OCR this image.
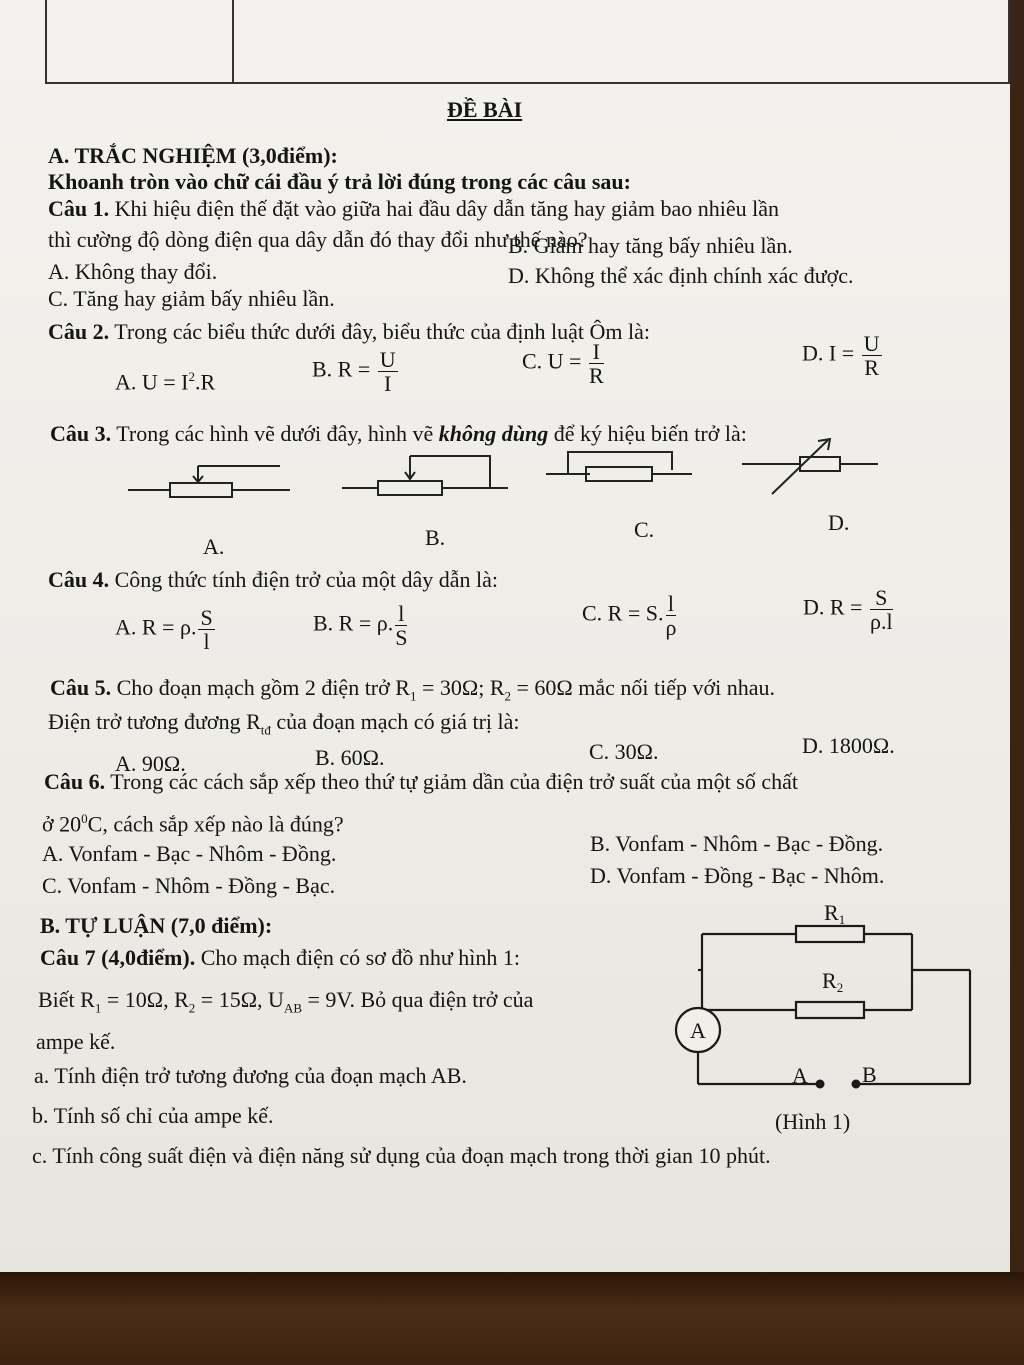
ĐỀ BÀI
A. TRẮC NGHIỆM (3,0điểm):
Khoanh tròn vào chữ cái đầu ý trả lời đúng trong các câu sau:
Câu 1. Khi hiệu điện thế đặt vào giữa hai đầu dây dẫn tăng hay giảm bao nhiêu lần
thì cường độ dòng điện qua dây dẫn đó thay đổi như thế nào?
A. Không thay đổi.
B. Giảm hay tăng bấy nhiêu lần.
C. Tăng hay giảm bấy nhiêu lần.
D. Không thể xác định chính xác được.
Câu 2. Trong các biểu thức dưới đây, biểu thức của định luật Ôm là:
A. $U = I^2.R$
B. $R = \frac{U}{I}$	C. $U = \frac{I}{R}$	D. $I = \frac{U}{R}$
Câu 3. Trong các hình vẽ dưới đây, hình vẽ không dùng để ký hiệu biến trở là:
A.	B.	C.	D.
Câu 4. Công thức tính điện trở của một dây dẫn là:
A. R = ρ. $\frac{S}{l}$	B. R = ρ. $\frac{l}{S}$	C. R = S. $\frac{l}{\rho}$	D. $R = \frac{S}{\rho.l}$
Câu 5. Cho đoạn mạch gồm 2 điện trở $R_1 = 30\Omega$; $R_2 = 60\Omega$ mắc nối tiếp với nhau.
Điện trở tương đương $R_{tđ}$ của đoạn mạch có giá trị là:
A. 90Ω.	B. 60Ω.	C. 30Ω.	D. 1800Ω.
Câu 6. Trong các cách sắp xếp theo thứ tự giảm dần của điện trở suất của một số chất
ở $20^0C$, cách sắp xếp nào là đúng?
A. Vonfam - Bạc - Nhôm - Đồng.	B. Vonfam - Nhôm - Bạc - Đồng.
C. Vonfam - Nhôm - Đồng - Bạc.	D. Vonfam - Đồng - Bạc - Nhôm.
B. TỰ LUẬN (7,0 điểm):
Câu 7 (4,0điểm). Cho mạch điện có sơ đồ như hình 1:
Biết $R_1 = 10\Omega$, $R_2 = 15\Omega$, $U_{AB} = 9V$. Bỏ qua điện trở của
ampe kế.
a. Tính điện trở tương đương của đoạn mạch AB.
b. Tính số chỉ của ampe kế.
c. Tính công suất điện và điện năng sử dụng của đoạn mạch trong thời gian 10 phút.
R1
R2
A
A B
(Hình 1)
